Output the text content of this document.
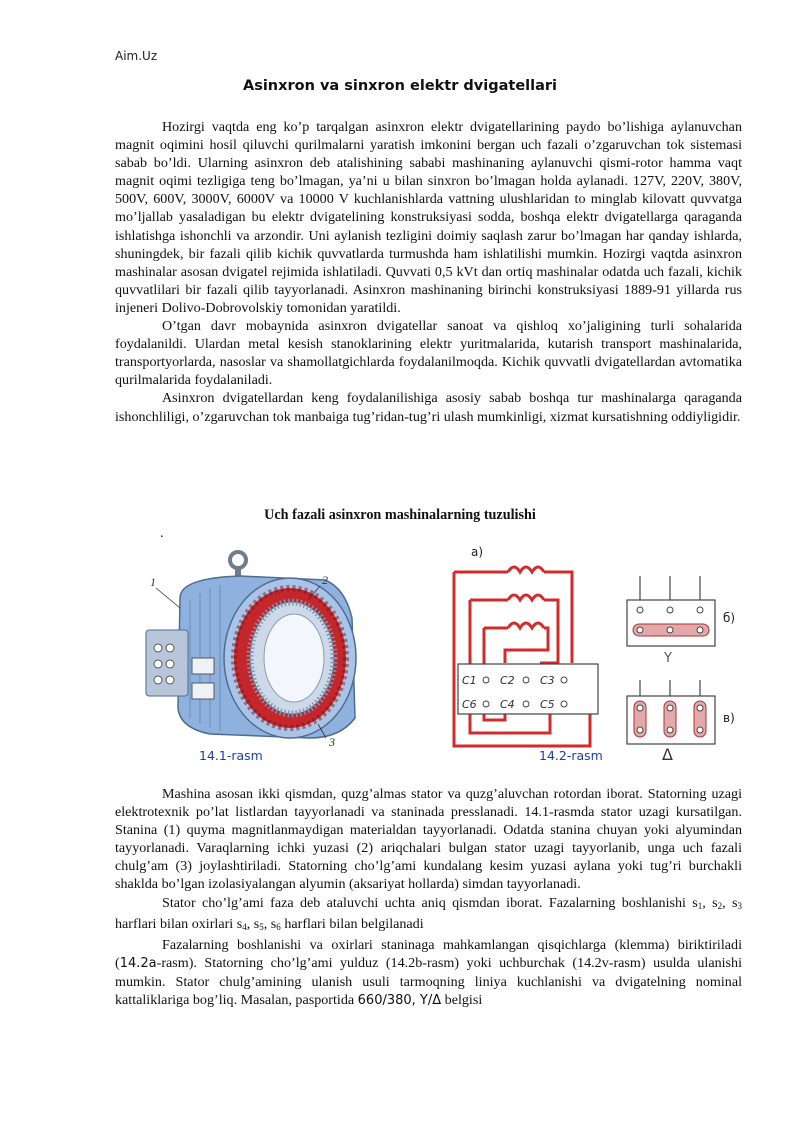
Aim.Uz
Asinxron va sinxron elektr dvigatellari

Hozirgi vaqtda eng ko’p tarqalgan asinxron elektr dvigatellarining paydo bo’lishiga aylanuvchan magnit oqimini hosil qiluvchi qurilmalarni yaratish imkonini bergan uch fazali o’zgaruvchan tok sistemasi sabab bo’ldi. Ularning asinxron deb atalishining sababi mashinaning aylanuvchi qismi-rotor hamma vaqt magnit oqimi tezligiga teng bo’lmagan, ya’ni u bilan sinxron bo’lmagan holda aylanadi. 127V, 220V, 380V, 500V, 600V, 3000V, 6000V va 10000 V kuchlanishlarda vattning ulushlaridan to minglab kilovatt quvvatga mo’ljallab yasaladigan bu elektr dvigatelining konstruksiyasi sodda, boshqa elektr dvigatellarga qaraganda ishlatishga ishonchli va arzondir. Uni aylanish tezligini doimiy saqlash zarur bo’lmagan har qanday ishlarda, shuningdek, bir fazali qilib kichik quvvatlarda turmushda ham ishlatilishi mumkin. Hozirgi vaqtda asinxron mashinalar asosan dvigatel rejimida ishlatiladi. Quvvati 0,5 kVt dan ortiq mashinalar odatda uch fazali, kichik quvvatlilari bir fazali qilib tayyorlanadi. Asinxron mashinaning birinchi konstruksiyasi 1889-91 yillarda rus injeneri Dolivo-Dobrovolskiy tomonidan yaratildi.

O’tgan davr mobaynida asinxron dvigatellar sanoat va qishloq xo’jaligining turli sohalarida foydalanildi. Ulardan metal kesish stanoklarining elektr yuritmalarida, kutarish transport mashinalarida, transportyorlarda, nasoslar va shamollatgichlarda foydalanilmoqda. Kichik quvvatli dvigatellardan avtomatika qurilmalarida foydalaniladi.

Asinxron dvigatellardan keng foydalanilishiga asosiy sabab boshqa tur mashinalarga qaraganda ishonchliligi, o’zgaruvchan tok manbaiga tug’ridan-tug’ri ulash mumkinligi, xizmat kursatishning oddiyligidir.

Uch fazali asinxron mashinalarning tuzulishi
.
1	2
3
а)
C1 C2 C3
C6 C4 C5
б)
Y
в)
Δ
14.1-rasm	14.2-rasm

Mashina asosan ikki qismdan, quzg’almas stator va quzg’aluvchan rotordan iborat. Statorning uzagi elektrotexnik po’lat listlardan tayyorlanadi va staninada presslanadi. 14.1-rasmda stator uzagi kursatilgan. Stanina (1) quyma magnitlanmaydigan materialdan tayyorlanadi. Odatda stanina chuyan yoki alyumindan tayyorlanadi. Varaqlarning ichki yuzasi (2) ariqchalari bulgan stator uzagi tayyorlanib, unga uch fazali chulg’am (3) joylashtiriladi. Statorning cho’lg’ami kundalang kesim yuzasi aylana yoki tug’ri burchakli shaklda bo’lgan izolasiyalangan alyumin (aksariyat hollarda) simdan tayyorlanadi.

Stator cho’lg’ami faza deb ataluvchi uchta aniq qismdan iborat. Fazalarning boshlanishi $s_1$, $s_2$, $s_3$ harflari bilan oxirlari $s_4$, $s_5$, $s_6$ harflari bilan belgilanadi

Fazalarning boshlanishi va oxirlari staninaga mahkamlangan qisqichlarga (klemma) biriktiriladi (14.2a-rasm). Statorning cho’lg’ami yulduz (14.2b-rasm) yoki uchburchak (14.2v-rasm) usulda ulanishi mumkin. Stator chulg’amining ulanish usuli tarmoqning liniya kuchlanishi va dvigatelning nominal kattaliklariga bog’liq. Masalan, pasportida 660/380, Y/Δ belgisi
